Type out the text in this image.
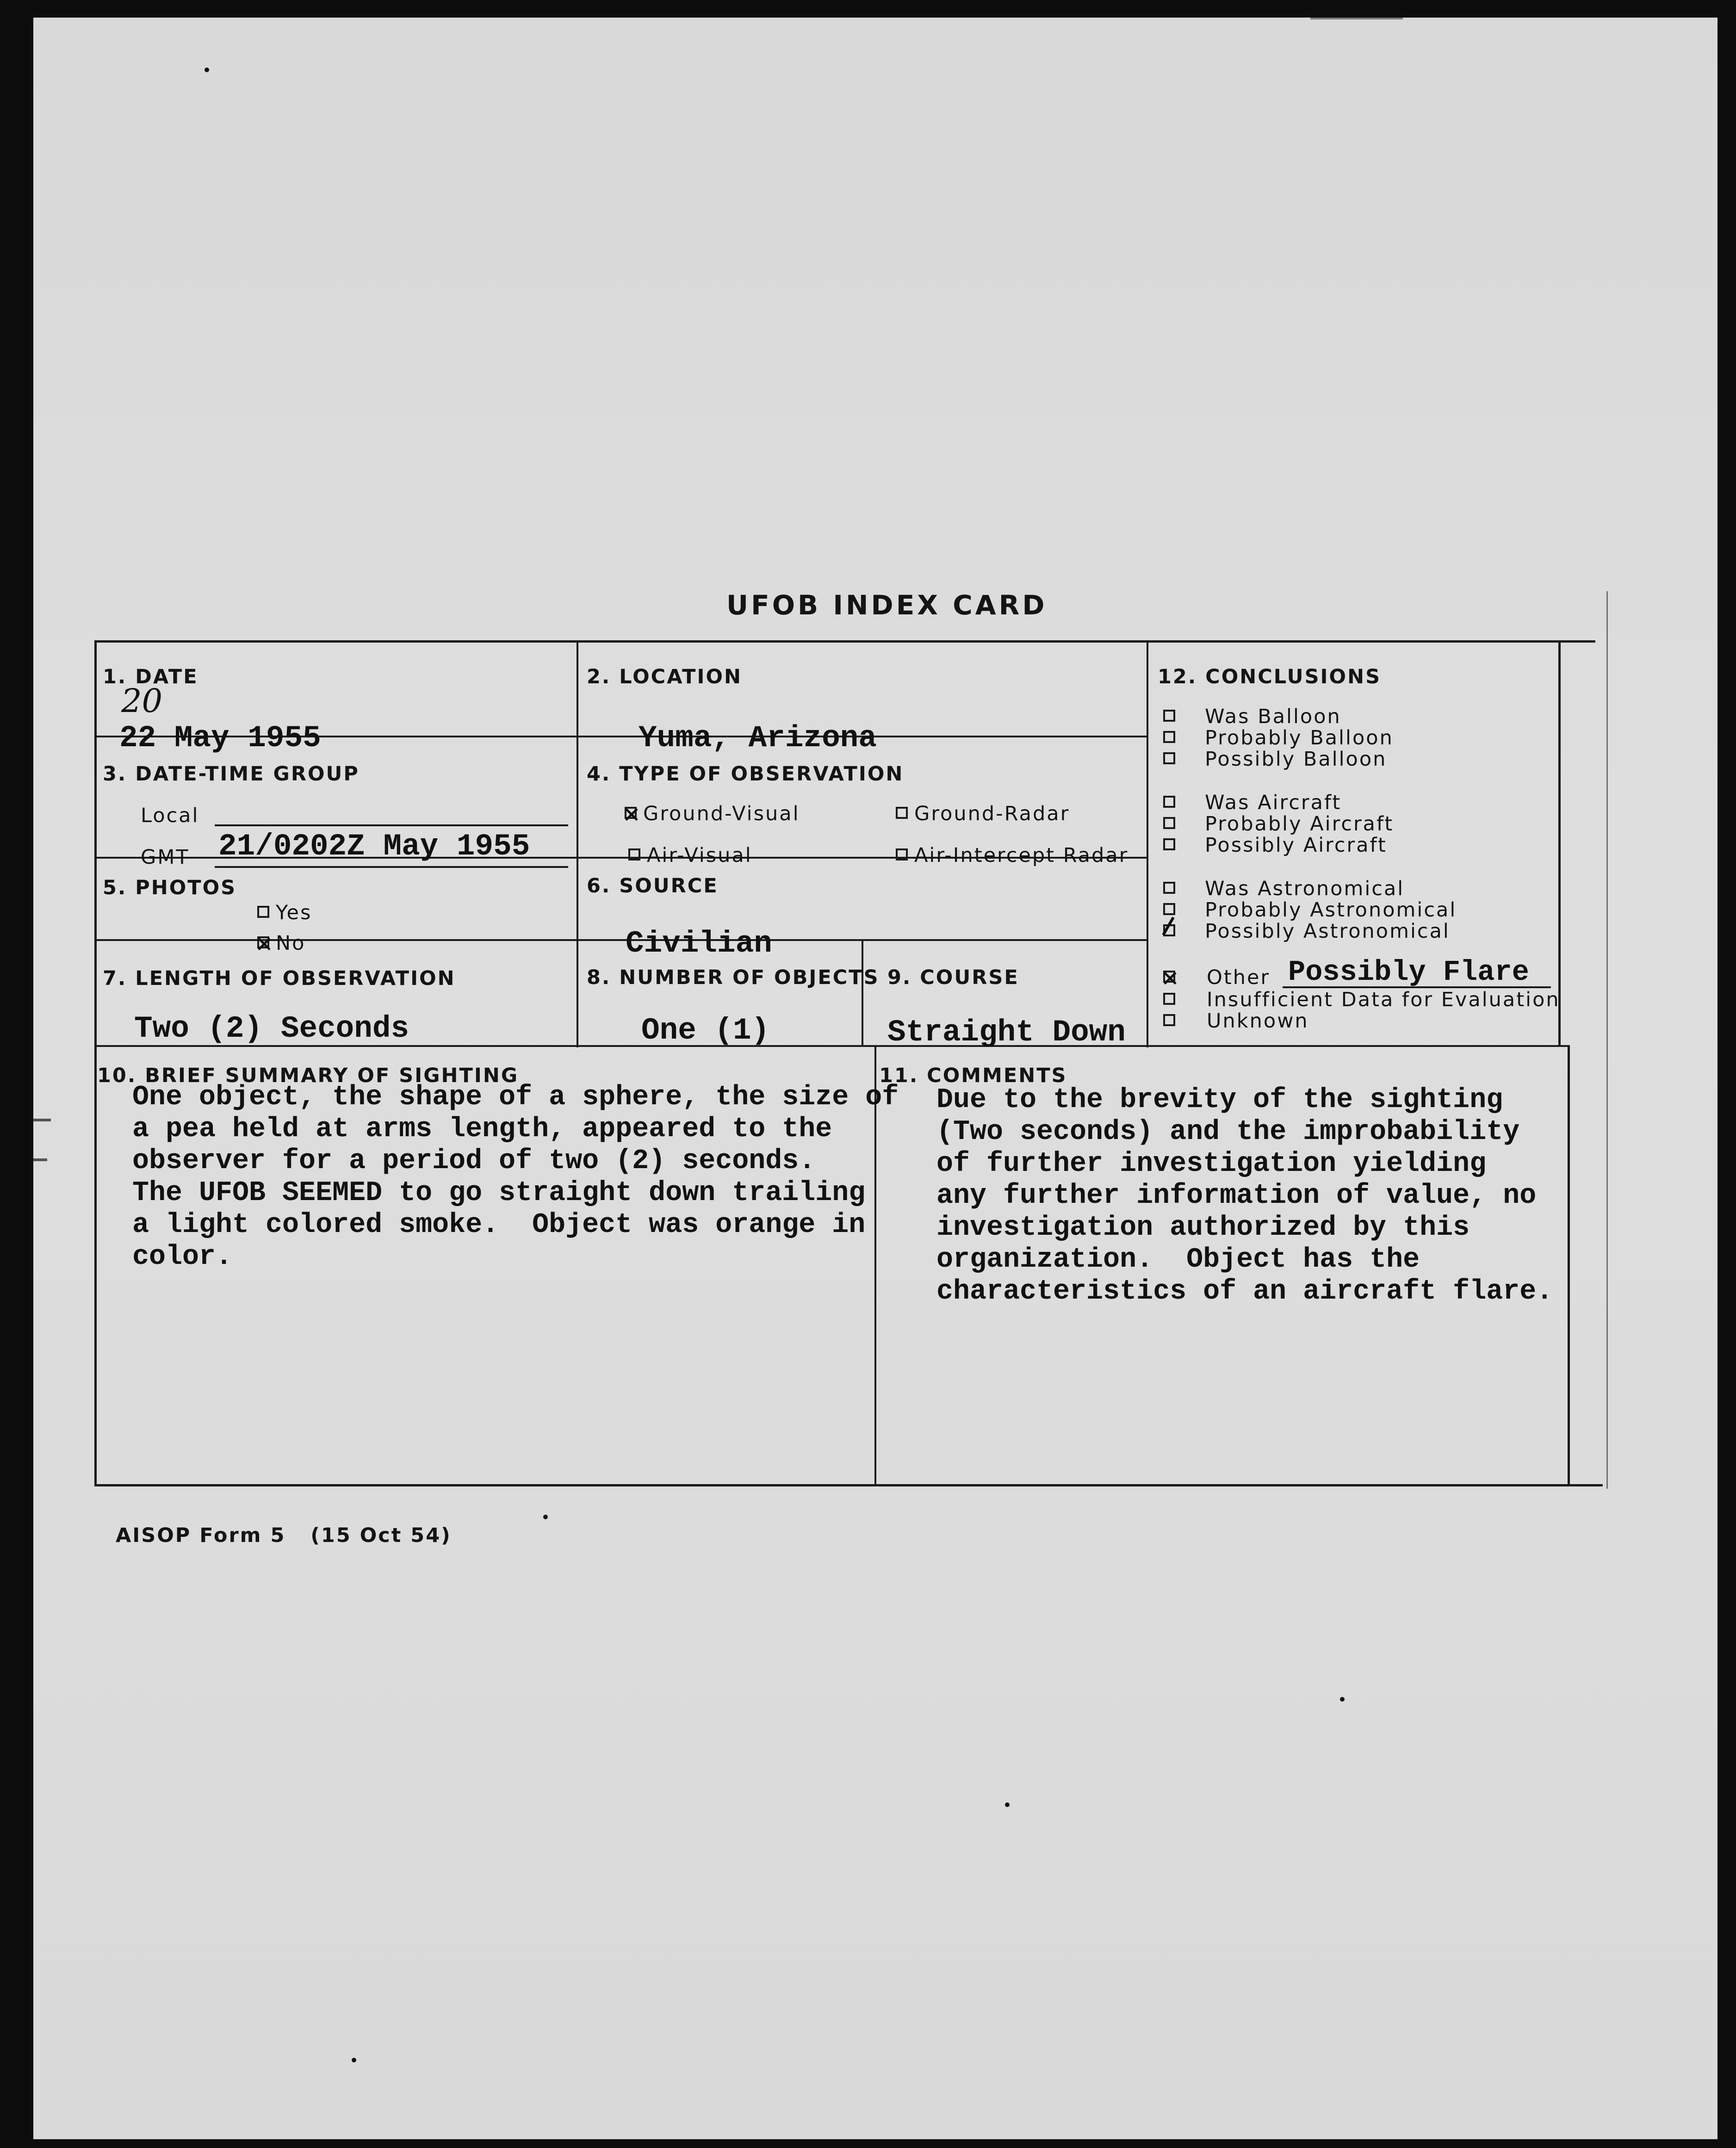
UFOB INDEX CARD
1. DATE
20
22 May 1955
2. LOCATION
Yuma, Arizona
3. DATE-TIME GROUP
Local
GMT 21/0202Z May 1955
4. TYPE OF OBSERVATION
Ground-Visual	Ground-Radar
Air-Visual	Air-Intercept Radar
5. PHOTOS
Yes
No
6. SOURCE
Civilian
7. LENGTH OF OBSERVATION
Two (2) Seconds
8. NUMBER OF OBJECTS
One (1)
9. COURSE
Straight Down
10. BRIEF SUMMARY OF SIGHTING
One object, the shape of a sphere, the size of
a pea held at arms length, appeared to the
observer for a period of two (2) seconds.
The UFOB SEEMED to go straight down trailing
a light colored smoke.  Object was orange in
color.
11. COMMENTS
Due to the brevity of the sighting
(Two seconds) and the improbability
of further investigation yielding
any further information of value, no
investigation authorized by this
organization.  Object has the
characteristics of an aircraft flare.
12. CONCLUSIONS
Was Balloon
Probably Balloon
Possibly Balloon
Was Aircraft
Probably Aircraft
Possibly Aircraft
Was Astronomical
Probably Astronomical
Possibly Astronomical
Other Possibly Flare
Insufficient Data for Evaluation
Unknown
AISOP Form 5   (15 Oct 54)
